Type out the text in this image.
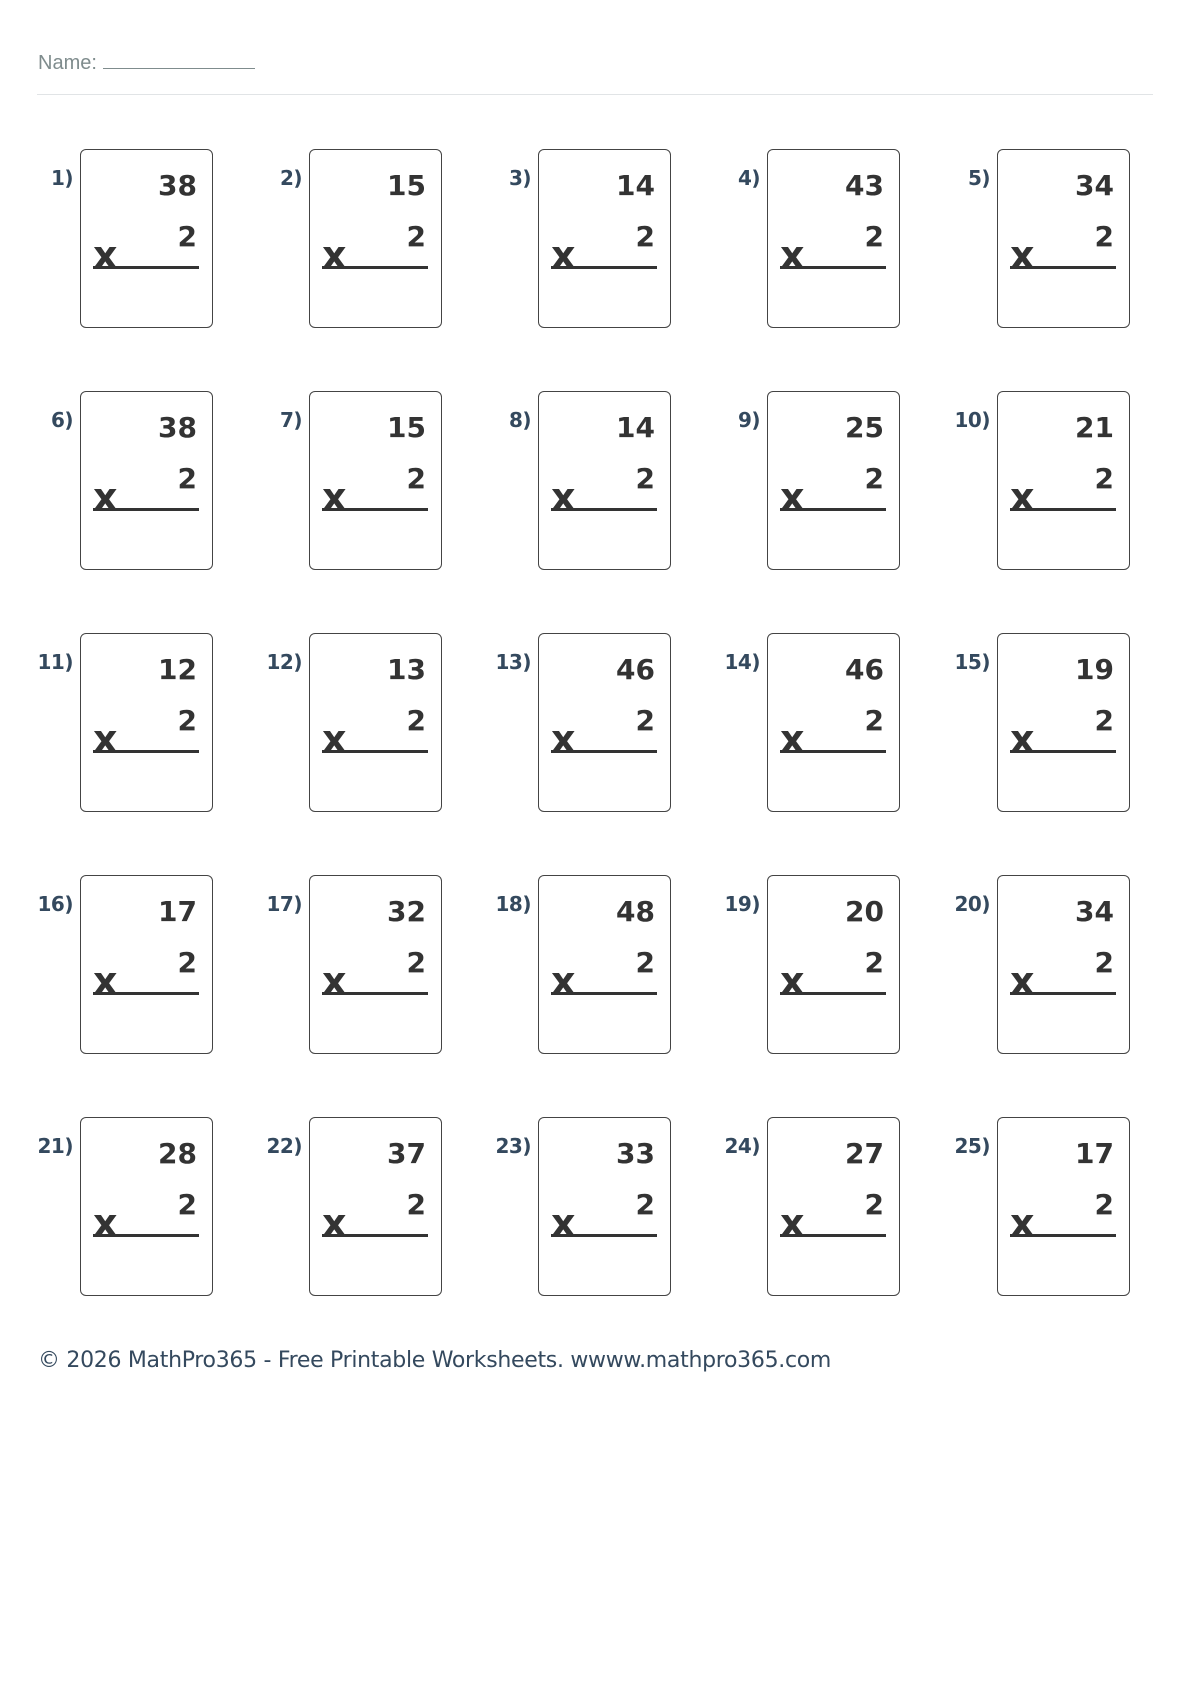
Name:
1)	38
2
x
2)	15
2
x
3)	14
2
x
4)	43
2
x
5)	34
2
x
6)	38
2
x
7)	15
2
x
8)	14
2
x
9)	25
2
x
10)	21
2
x
11)	12
2
x
12)	13
2
x
13)	46
2
x
14)	46
2
x
15)	19
2
x
16)	17
2
x
17)	32
2
x
18)	48
2
x
19)	20
2
x
20)	34
2
x
21)	28
2
x
22)	37
2
x
23)	33
2
x
24)	27
2
x
25)	17
2
x
© 2026 MathPro365 - Free Printable Worksheets. wwww.mathpro365.com
